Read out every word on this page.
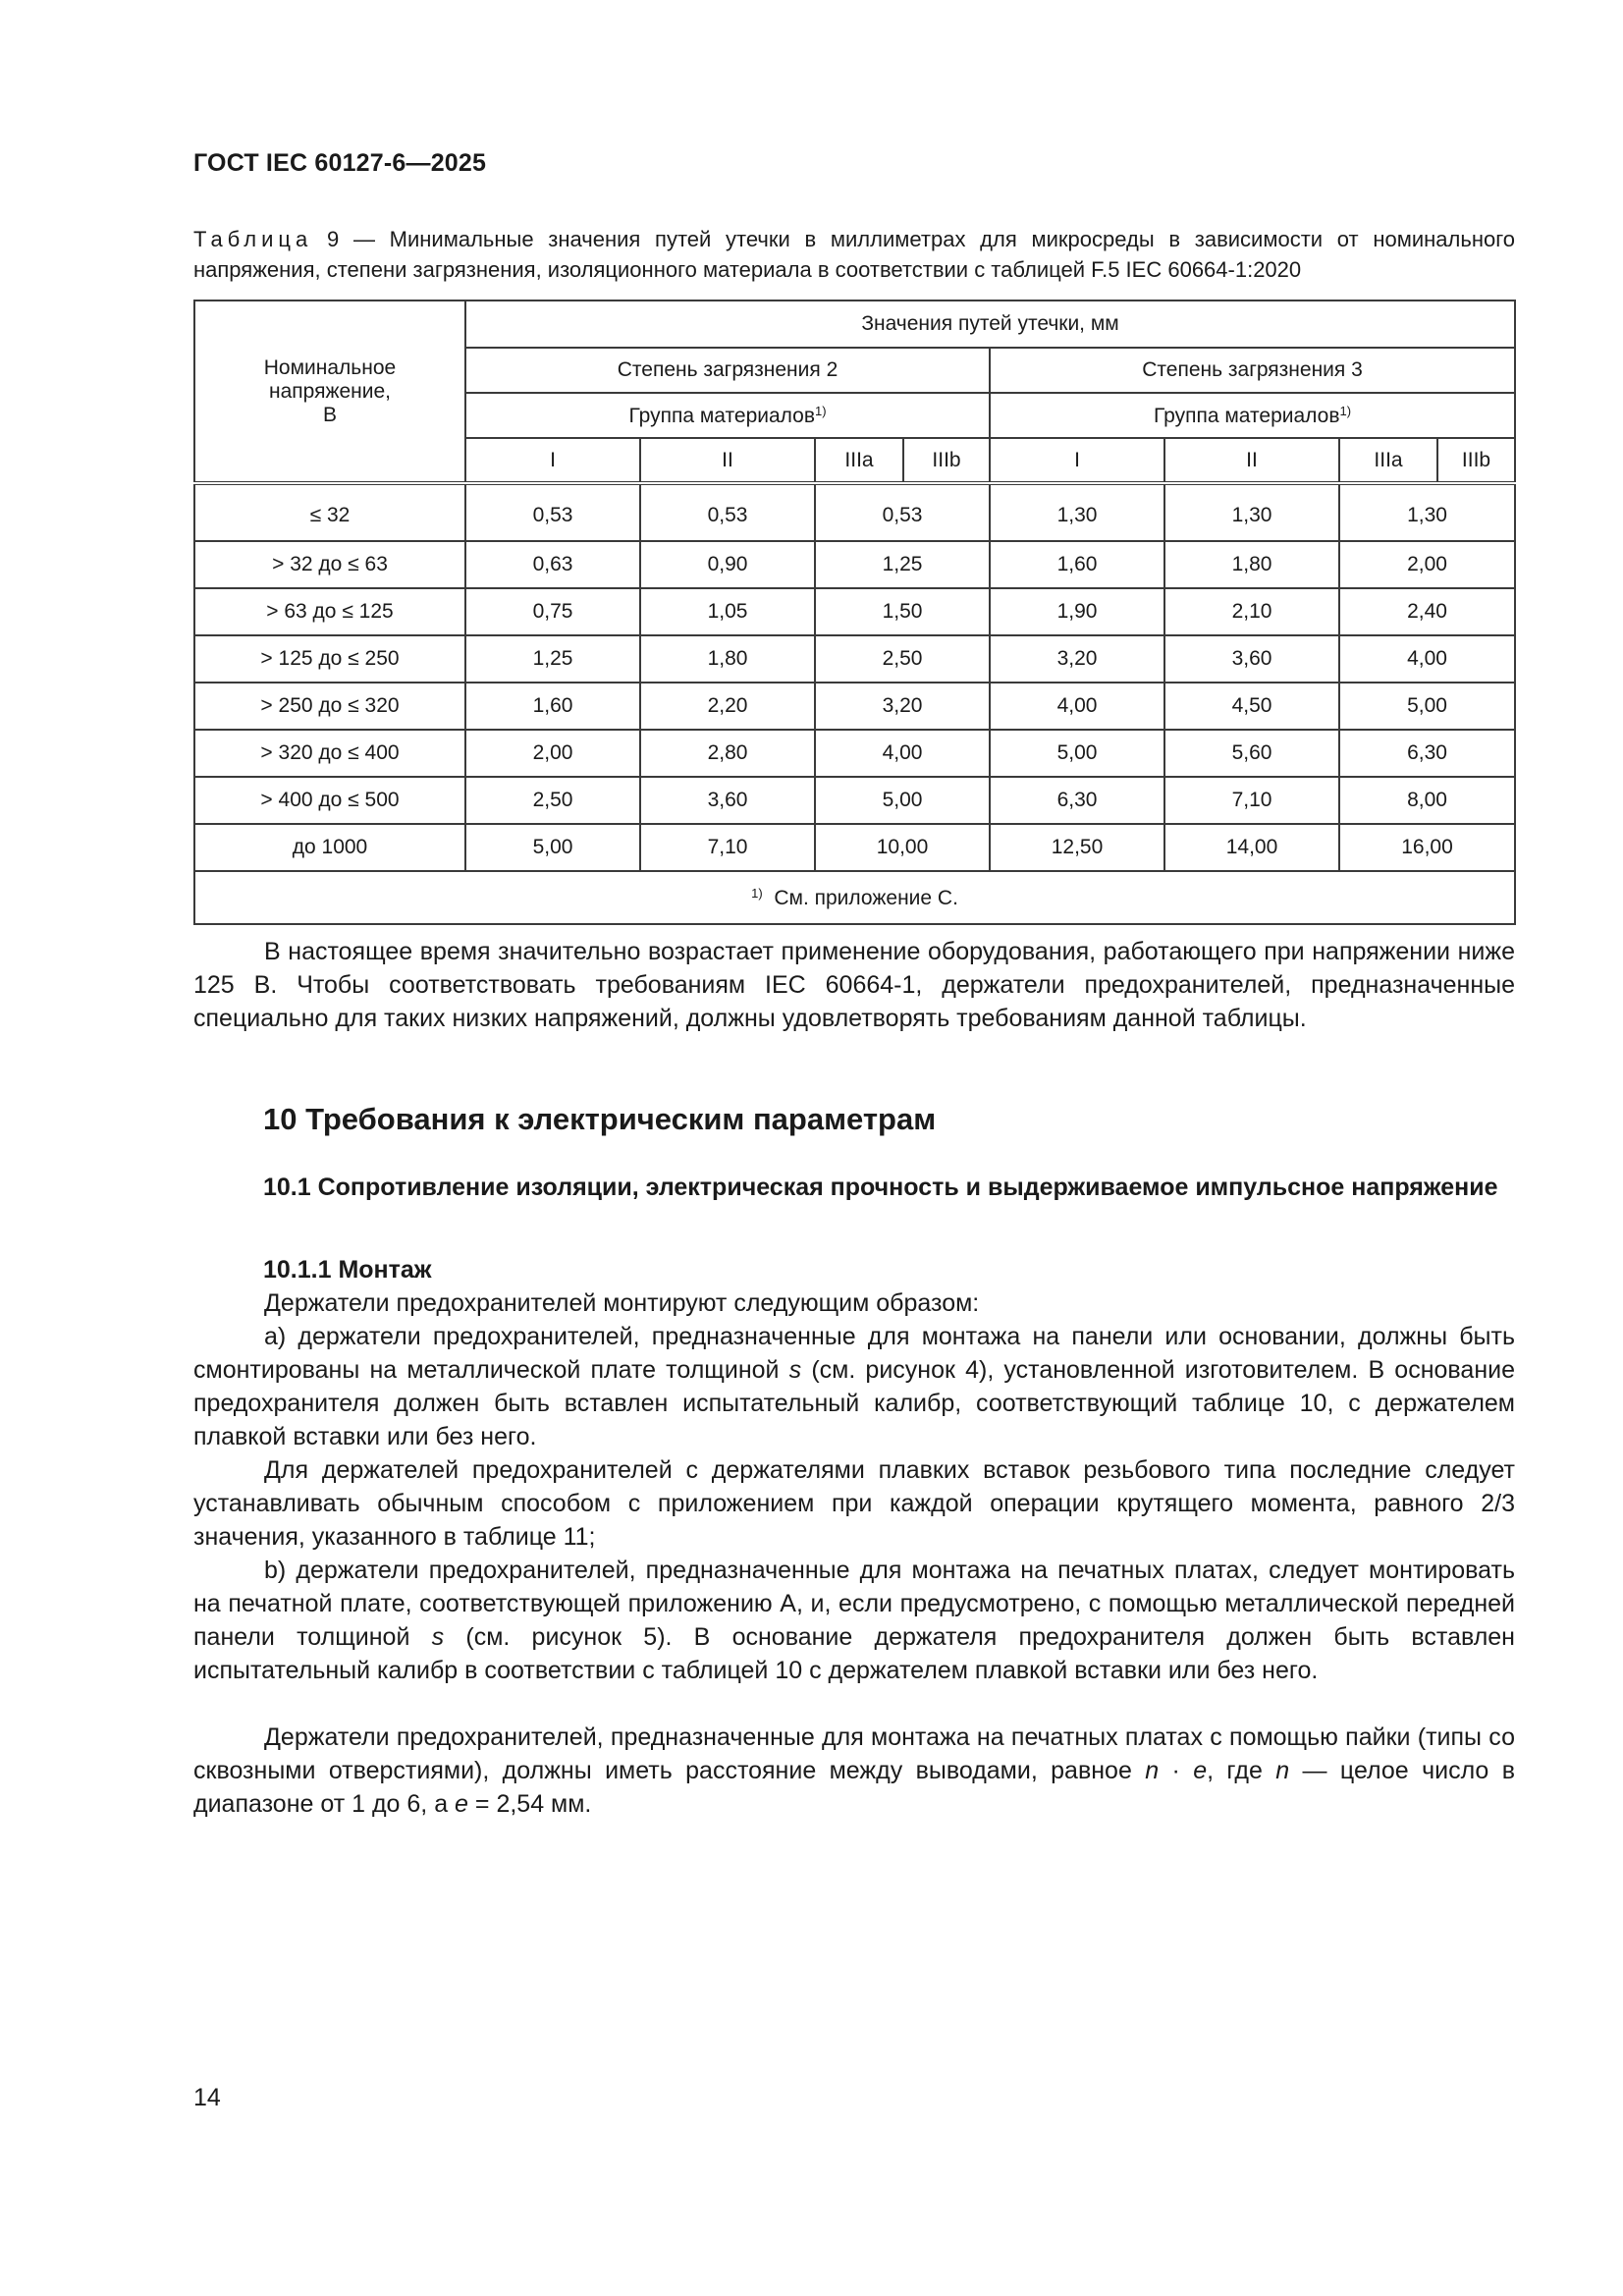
ГОСТ IEC 60127-6—2025
Таблица 9 — Минимальные значения путей утечки в миллиметрах для микросреды в зависимости от номинального напряжения, степени загрязнения, изоляционного материала в соответствии с таблицей F.5 IEC 60664-1:2020
Номинальное
напряжение,
В	Значения путей утечки, мм							
	Степень загрязнения 2				Степень загрязнения 3			
	Группа материалов$^{1)}$				Группа материалов$^{1)}$
	I	II	IIIa	IIIb	I	II	IIIa	IIIb
≤ 32	0,53	0,53	0,53		1,30	1,30	1,30	
> 32 до ≤ 63	0,63	0,90	1,25		1,60	1,80	2,00	
> 63 до ≤ 125	0,75	1,05	1,50		1,90	2,10	2,40	
> 125 до ≤ 250	1,25	1,80	2,50		3,20	3,60	4,00	
> 250 до ≤ 320	1,60	2,20	3,20		4,00	4,50	5,00	
> 320 до ≤ 400	2,00	2,80	4,00		5,00	5,60	6,30	
> 400 до ≤ 500	2,50	3,60	5,00		6,30	7,10	8,00	
до 1000	5,00	7,10	10,00		12,50	14,00	16,00	
$^{1)}$ См. приложение С.								
В настоящее время значительно возрастает применение оборудования, работающего при напряжении ниже 125 В. Чтобы соответствовать требованиям IEC 60664-1, держатели предохранителей, предназначенные специально для таких низких напряжений, должны удовлетворять требованиям данной таблицы.
10 Требования к электрическим параметрам
10.1 Сопротивление изоляции, электрическая прочность и выдерживаемое импульсное напряжение
10.1.1 Монтаж
Держатели предохранителей монтируют следующим образом:
a) держатели предохранителей, предназначенные для монтажа на панели или основании, должны быть смонтированы на металлической плате толщиной s (см. рисунок 4), установленной изготовителем. В основание предохранителя должен быть вставлен испытательный калибр, соответствующий таблице 10, с держателем плавкой вставки или без него.
Для держателей предохранителей с держателями плавких вставок резьбового типа последние следует устанавливать обычным способом с приложением при каждой операции крутящего момента, равного 2/3 значения, указанного в таблице 11;
b) держатели предохранителей, предназначенные для монтажа на печатных платах, следует монтировать на печатной плате, соответствующей приложению А, и, если предусмотрено, с помощью металлической передней панели толщиной s (см. рисунок 5). В основание держателя предохранителя должен быть вставлен испытательный калибр в соответствии с таблицей 10 с держателем плавкой вставки или без него.
Держатели предохранителей, предназначенные для монтажа на печатных платах с помощью пайки (типы со сквозными отверстиями), должны иметь расстояние между выводами, равное n · e, где n — целое число в диапазоне от 1 до 6, а e = 2,54 мм.
14
